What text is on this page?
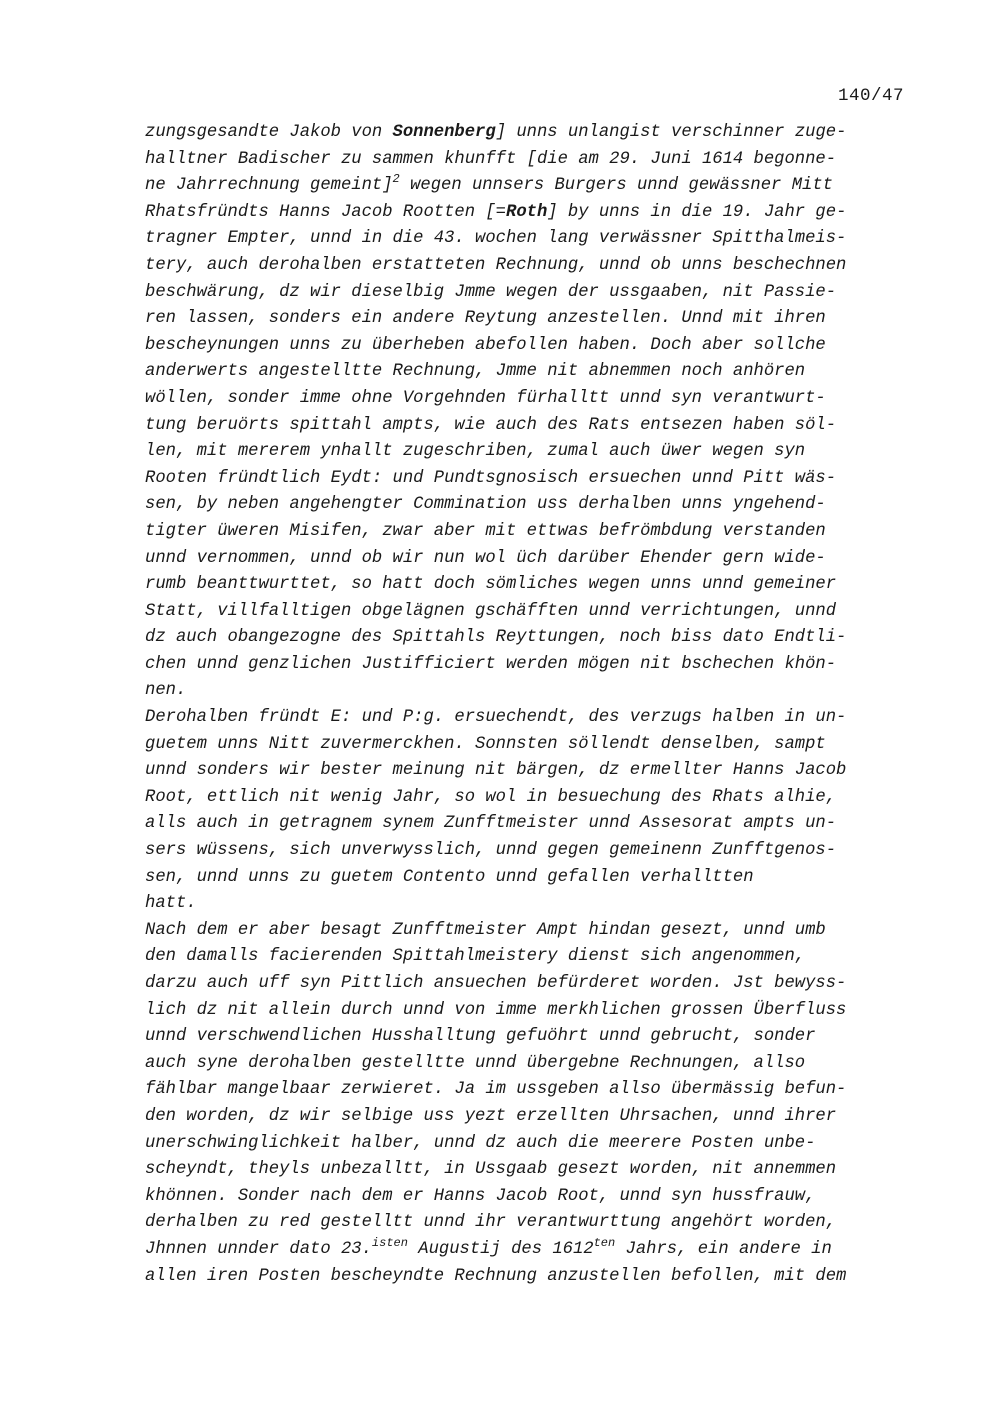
140/47
zungsgesandte Jakob von Sonnenberg] unns unlangist verschinner zuge-
halltner Badischer zu sammen khunfft [die am 29. Juni 1614 begonne-
ne Jahrrechnung gemeint]$^2$ wegen unnsers Burgers unnd gewässner Mitt
Rhatsfründts Hanns Jacob Rootten [=Roth] by unns in die 19. Jahr ge-
tragner Empter, unnd in die 43. wochen lang verwässner Spitthalmeis-
tery, auch derohalben erstatteten Rechnung, unnd ob unns beschechnen
beschwärung, dz wir dieselbig Jmme wegen der ussgaaben, nit Passie-
ren lassen, sonders ein andere Reytung anzestellen. Unnd mit ihren
bescheynungen unns zu überheben abefollen haben. Doch aber sollche
anderwerts angestelltte Rechnung, Jmme nit abnemmen noch anhören
wöllen, sonder imme ohne Vorgehnden fürhalltt unnd syn verantwurt-
tung beruörts spittahl ampts, wie auch des Rats entsezen haben söl-
len, mit mererem ynhallt zugeschriben, zumal auch üwer wegen syn
Rooten fründtlich Eydt: und Pundtsgnosisch ersuechen unnd Pitt wäs-
sen, by neben angehengter Commination uss derhalben unns yngehend-
tigter üweren Misifen, zwar aber mit ettwas befrömbdung verstanden
unnd vernommen, unnd ob wir nun wol üch darüber Ehender gern wide-
rumb beanttwurttet, so hatt doch sömliches wegen unns unnd gemeiner
Statt, villfalltigen obgelägnen gschäfften unnd verrichtungen, unnd
dz auch obangezogne des Spittahls Reyttungen, noch biss dato Endtli-
chen unnd genzlichen Justifficiert werden mögen nit bschechen khön-
nen.
Derohalben fründt E: und P:g. ersuechendt, des verzugs halben in un-
guetem unns Nitt zuvermerckhen. Sonnsten söllendt denselben, sampt
unnd sonders wir bester meinung nit bärgen, dz ermellter Hanns Jacob
Root, ettlich nit wenig Jahr, so wol in besuechung des Rhats alhie,
alls auch in getragnem synem Zunfftmeister unnd Assesorat ampts un-
sers wüssens, sich unverwysslich, unnd gegen gemeinenn Zunfftgenos-
sen, unnd unns zu guetem Contento unnd gefallen verhalltten
hatt.
Nach dem er aber besagt Zunfftmeister Ampt hindan gesezt, unnd umb
den damalls facierenden Spittahlmeistery dienst sich angenommen,
darzu auch uff syn Pittlich ansuechen befürderet worden. Jst bewyss-
lich dz nit allein durch unnd von imme merkhlichen grossen Überfluss
unnd verschwendlichen Husshalltung gefuöhrt unnd gebrucht, sonder
auch syne derohalben gestelltte unnd übergebne Rechnungen, allso
fählbar mangelbaar zerwieret. Ja im ussgeben allso übermässig befun-
den worden, dz wir selbige uss yezt erzellten Uhrsachen, unnd ihrer
unerschwinglichkeit halber, unnd dz auch die meerere Posten unbe-
scheyndt, theyls unbezalltt, in Ussgaab gesezt worden, nit annemmen
khönnen. Sonder nach dem er Hanns Jacob Root, unnd syn hussfrauw,
derhalben zu red gestelltt unnd ihr verantwurttung angehört worden,
Jhnnen unnder dato 23.$^{isten}$ Augustij des $1612^{ten}$ Jahrs, ein andere in
allen iren Posten bescheyndte Rechnung anzustellen befollen, mit dem
